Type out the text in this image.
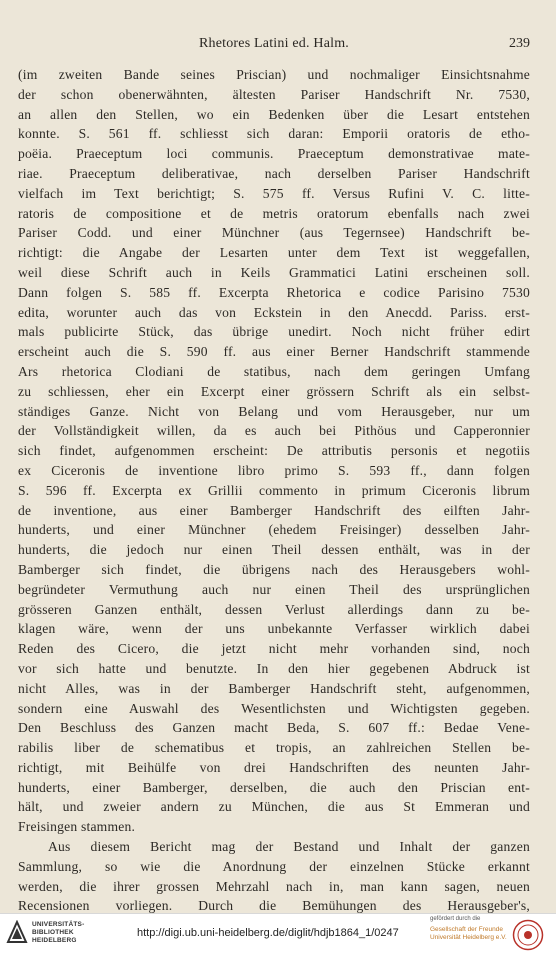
Rhetores Latini ed. Halm.	239
(im zweiten Bande seines Priscian) und nochmaliger Einsichtsnahme
der schon obenerwähnten, ältesten Pariser Handschrift Nr. 7530,
an allen den Stellen, wo ein Bedenken über die Lesart entstehen
konnte. S. 561 ff. schliesst sich daran: Emporii oratoris de etho-
poëia. Praeceptum loci communis. Praeceptum demonstrativae mate-
riae. Praeceptum deliberativae, nach derselben Pariser Handschrift
vielfach im Text berichtigt; S. 575 ff. Versus Rufini V. C. litte-
ratoris de compositione et de metris oratorum ebenfalls nach zwei
Pariser Codd. und einer Münchner (aus Tegernsee) Handschrift be-
richtigt: die Angabe der Lesarten unter dem Text ist weggefallen,
weil diese Schrift auch in Keils Grammatici Latini erscheinen soll.
Dann folgen S. 585 ff. Excerpta Rhetorica e codice Parisino 7530
edita, worunter auch das von Eckstein in den Anecdd. Pariss. erst-
mals publicirte Stück, das übrige unedirt. Noch nicht früher edirt
erscheint auch die S. 590 ff. aus einer Berner Handschrift stammende
Ars rhetorica Clodiani de statibus, nach dem geringen Umfang
zu schliessen, eher ein Excerpt einer grössern Schrift als ein selbst-
ständiges Ganze. Nicht von Belang und vom Herausgeber, nur um
der Vollständigkeit willen, da es auch bei Pithöus und Capperonnier
sich findet, aufgenommen erscheint: De attributis personis et negotiis
ex Ciceronis de inventione libro primo S. 593 ff., dann folgen
S. 596 ff. Excerpta ex Grillii commento in primum Ciceronis librum
de inventione, aus einer Bamberger Handschrift des eilften Jahr-
hunderts, und einer Münchner (ehedem Freisinger) desselben Jahr-
hunderts, die jedoch nur einen Theil dessen enthält, was in der
Bamberger sich findet, die übrigens nach des Herausgebers wohl-
begründeter Vermuthung auch nur einen Theil des ursprünglichen
grösseren Ganzen enthält, dessen Verlust allerdings dann zu be-
klagen wäre, wenn der uns unbekannte Verfasser wirklich dabei
Reden des Cicero, die jetzt nicht mehr vorhanden sind, noch
vor sich hatte und benutzte. In den hier gegebenen Abdruck ist
nicht Alles, was in der Bamberger Handschrift steht, aufgenommen,
sondern eine Auswahl des Wesentlichsten und Wichtigsten gegeben.
Den Beschluss des Ganzen macht Beda, S. 607 ff.: Bedae Vene-
rabilis liber de schematibus et tropis, an zahlreichen Stellen be-
richtigt, mit Beihülfe von drei Handschriften des neunten Jahr-
hunderts, einer Bamberger, derselben, die auch den Priscian ent-
hält, und zweier andern zu München, die aus St Emmeran und
Freisingen stammen.
Aus diesem Bericht mag der Bestand und Inhalt der ganzen
Sammlung, so wie die Anordnung der einzelnen Stücke erkannt
werden, die ihrer grossen Mehrzahl nach in, man kann sagen, neuen
Recensionen vorliegen. Durch die Bemühungen des Herausgeber's,
UNIVERSITÄTS-
BIBLIOTHEK
HEIDELBERG
http://digi.ub.uni-heidelberg.de/diglit/hdjb1864_1/0247
gefördert durch die
Gesellschaft der Freunde
Universität Heidelberg e.V.
